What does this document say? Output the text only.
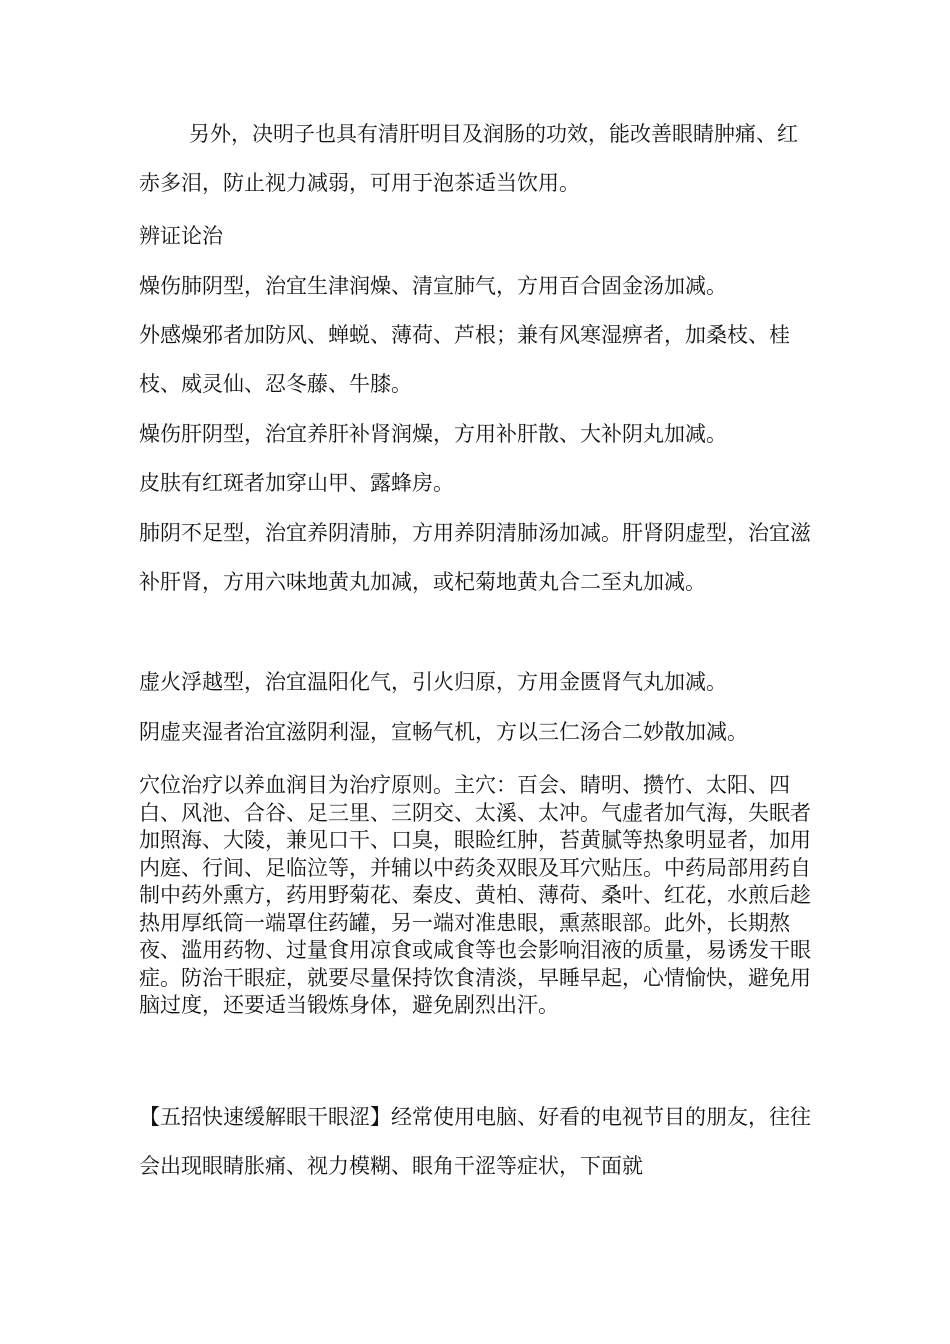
另外，决明子也具有清肝明目及润肠的功效，能改善眼睛肿痛、红赤多泪，防止视力减弱，可用于泡茶适当饮用。

辨证论治

燥伤肺阴型，治宜生津润燥、清宣肺气，方用百合固金汤加减。

外感燥邪者加防风、蝉蜕、薄荷、芦根；兼有风寒湿痹者，加桑枝、桂枝、威灵仙、忍冬藤、牛膝。

燥伤肝阴型，治宜养肝补肾润燥，方用补肝散、大补阴丸加减。

皮肤有红斑者加穿山甲、露蜂房。

肺阴不足型，治宜养阴清肺，方用养阴清肺汤加减。肝肾阴虚型，治宜滋补肝肾，方用六味地黄丸加减，或杞菊地黄丸合二至丸加减。

虚火浮越型，治宜温阳化气，引火归原，方用金匮肾气丸加减。

阴虚夹湿者治宜滋阴利湿，宣畅气机，方以三仁汤合二妙散加减。

穴位治疗以养血润目为治疗原则。主穴：百会、睛明、攒竹、太阳、四白、风池、合谷、足三里、三阴交、太溪、太冲。气虚者加气海，失眠者加照海、大陵，兼见口干、口臭，眼睑红肿，苔黄腻等热象明显者，加用内庭、行间、足临泣等，并辅以中药灸双眼及耳穴贴压。中药局部用药自制中药外熏方，药用野菊花、秦皮、黄柏、薄荷、桑叶、红花，水煎后趁热用厚纸筒一端罩住药罐，另一端对准患眼，熏蒸眼部。此外，长期熬夜、滥用药物、过量食用凉食或咸食等也会影响泪液的质量，易诱发干眼症。防治干眼症，就要尽量保持饮食清淡，早睡早起，心情愉快，避免用脑过度，还要适当锻炼身体，避免剧烈出汗。

【五招快速缓解眼干眼涩】经常使用电脑、好看的电视节目的朋友，往往会出现眼睛胀痛、视力模糊、眼角干涩等症状，下面就
